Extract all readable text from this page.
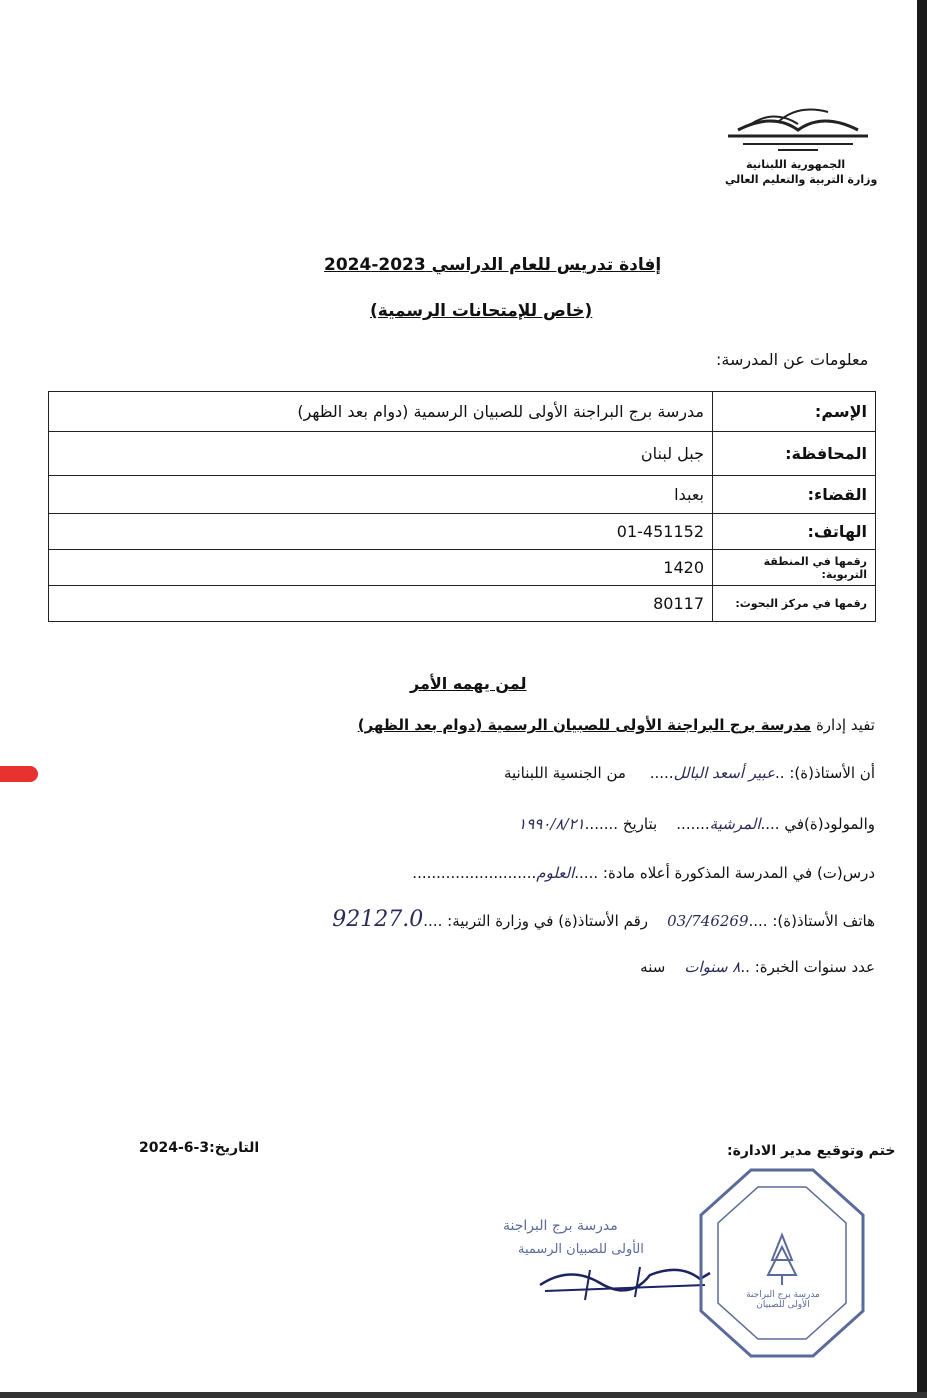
الجمهورية اللبنانية
وزارة التربية والتعليم العالي
إفادة تدريس للعام الدراسي 2023-2024
(خاص للإمتحانات الرسمية)
معلومات عن المدرسة:
الإسم:	مدرسة برج البراجنة الأولى للصبيان الرسمية (دوام بعد الظهر)
المحافظة:	جبل لبنان
القضاء:	بعبدا
الهاتف:	01-451152
رقمها في المنطقة التربوية:	1420
رقمها في مركز البحوث:	80117
لمن يهمه الأمر
تفيد إدارة مدرسة برج البراجنة الأولى للصبيان الرسمية (دوام بعد الظهر)
أن الأستاذ(ة): ..عبير أسعد البالل.....     من الجنسية اللبنانية
والمولود(ة)في ....المرشية.......    بتاريخ .......١٩٩٠/٨/٢١
درس(ت) في المدرسة المذكورة أعلاه مادة: .....العلوم..........................
هاتف الأستاذ(ة): ....03/746269    رقم الأستاذ(ة) في وزارة التربية: ....92127.0
عدد سنوات الخبرة: ..٨ سنوات    سنه
ختم وتوقيع مدير الادارة:
التاريخ:3-6-2024
مدرسة برج البراجنة
الأولى للصبيان الرسمية
مدرسة برج البراجنة الأولى للصبيان
